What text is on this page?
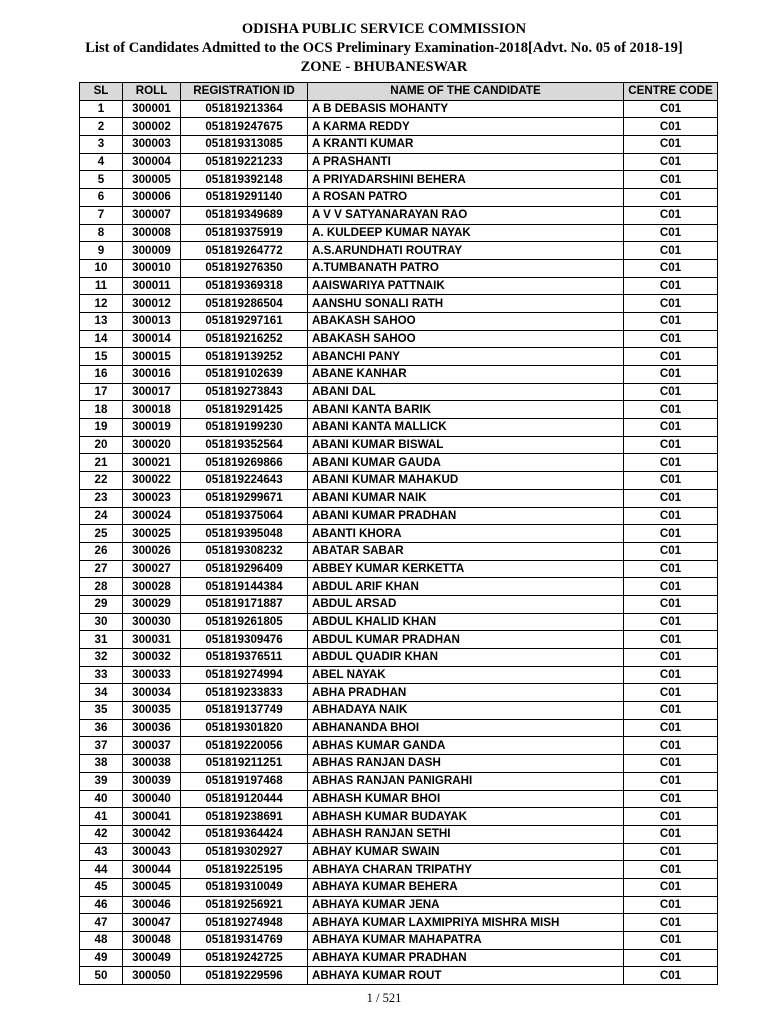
ODISHA PUBLIC SERVICE COMMISSION
List of Candidates Admitted to the OCS Preliminary Examination-2018[Advt. No. 05 of 2018-19]
ZONE - BHUBANESWAR
SL	ROLL	REGISTRATION ID	NAME OF THE CANDIDATE	CENTRE CODE
1	300001	051819213364	A B DEBASIS MOHANTY	C01
2	300002	051819247675	A KARMA REDDY	C01
3	300003	051819313085	A KRANTI KUMAR	C01
4	300004	051819221233	A PRASHANTI	C01
5	300005	051819392148	A PRIYADARSHINI BEHERA	C01
6	300006	051819291140	A ROSAN PATRO	C01
7	300007	051819349689	A V V SATYANARAYAN RAO	C01
8	300008	051819375919	A. KULDEEP KUMAR NAYAK	C01
9	300009	051819264772	A.S.ARUNDHATI ROUTRAY	C01
10	300010	051819276350	A.TUMBANATH PATRO	C01
11	300011	051819369318	AAISWARIYA PATTNAIK	C01
12	300012	051819286504	AANSHU SONALI RATH	C01
13	300013	051819297161	ABAKASH SAHOO	C01
14	300014	051819216252	ABAKASH SAHOO	C01
15	300015	051819139252	ABANCHI PANY	C01
16	300016	051819102639	ABANE KANHAR	C01
17	300017	051819273843	ABANI DAL	C01
18	300018	051819291425	ABANI KANTA BARIK	C01
19	300019	051819199230	ABANI KANTA MALLICK	C01
20	300020	051819352564	ABANI KUMAR BISWAL	C01
21	300021	051819269866	ABANI KUMAR GAUDA	C01
22	300022	051819224643	ABANI KUMAR MAHAKUD	C01
23	300023	051819299671	ABANI KUMAR NAIK	C01
24	300024	051819375064	ABANI KUMAR PRADHAN	C01
25	300025	051819395048	ABANTI KHORA	C01
26	300026	051819308232	ABATAR SABAR	C01
27	300027	051819296409	ABBEY KUMAR KERKETTA	C01
28	300028	051819144384	ABDUL ARIF KHAN	C01
29	300029	051819171887	ABDUL ARSAD	C01
30	300030	051819261805	ABDUL KHALID KHAN	C01
31	300031	051819309476	ABDUL KUMAR PRADHAN	C01
32	300032	051819376511	ABDUL QUADIR KHAN	C01
33	300033	051819274994	ABEL NAYAK	C01
34	300034	051819233833	ABHA PRADHAN	C01
35	300035	051819137749	ABHADAYA NAIK	C01
36	300036	051819301820	ABHANANDA BHOI	C01
37	300037	051819220056	ABHAS KUMAR GANDA	C01
38	300038	051819211251	ABHAS RANJAN DASH	C01
39	300039	051819197468	ABHAS RANJAN PANIGRAHI	C01
40	300040	051819120444	ABHASH KUMAR BHOI	C01
41	300041	051819238691	ABHASH KUMAR BUDAYAK	C01
42	300042	051819364424	ABHASH RANJAN SETHI	C01
43	300043	051819302927	ABHAY KUMAR SWAIN	C01
44	300044	051819225195	ABHAYA CHARAN TRIPATHY	C01
45	300045	051819310049	ABHAYA KUMAR BEHERA	C01
46	300046	051819256921	ABHAYA KUMAR JENA	C01
47	300047	051819274948	ABHAYA KUMAR LAXMIPRIYA MISHRA MISH	C01
48	300048	051819314769	ABHAYA KUMAR MAHAPATRA	C01
49	300049	051819242725	ABHAYA KUMAR PRADHAN	C01
50	300050	051819229596	ABHAYA KUMAR ROUT	C01
1 / 521
